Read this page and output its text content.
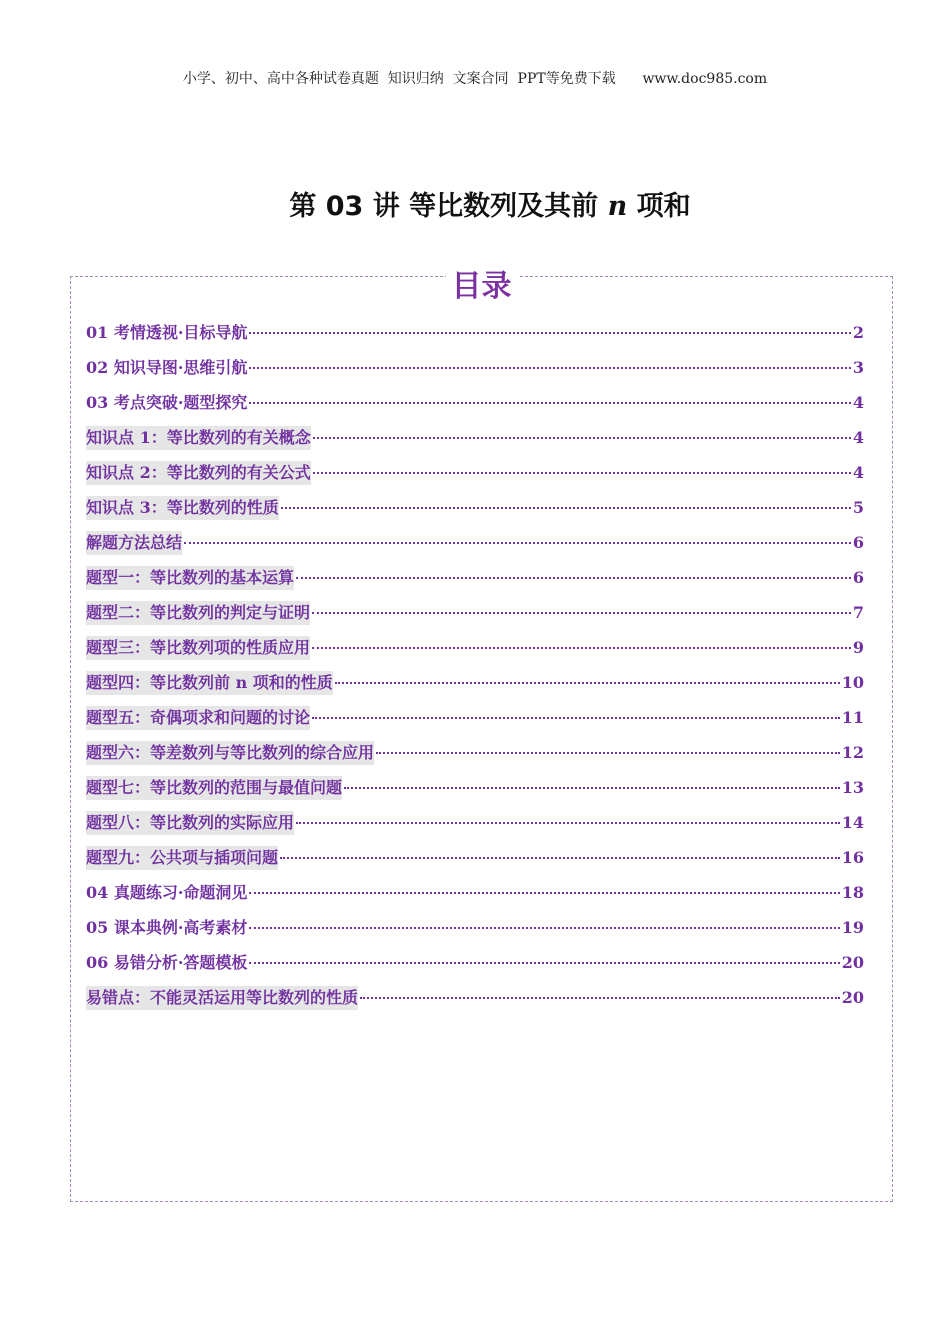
小学、初中、高中各种试卷真题  知识归纳  文案合同  PPT等免费下载      www.doc985.com
第 03 讲 等比数列及其前 n 项和
目录
01 考情透视·目标导航	2
02 知识导图·思维引航	3
03 考点突破·题型探究	4
知识点 1：等比数列的有关概念	4
知识点 2：等比数列的有关公式	4
知识点 3：等比数列的性质	5
解题方法总结	6
题型一：等比数列的基本运算	6
题型二：等比数列的判定与证明	7
题型三：等比数列项的性质应用	9
题型四：等比数列前 n 项和的性质	10
题型五：奇偶项求和问题的讨论	11
题型六：等差数列与等比数列的综合应用	12
题型七：等比数列的范围与最值问题	13
题型八：等比数列的实际应用	14
题型九：公共项与插项问题	16
04 真题练习·命题洞见	18
05 课本典例·高考素材	19
06 易错分析·答题模板	20
易错点：不能灵活运用等比数列的性质	20
